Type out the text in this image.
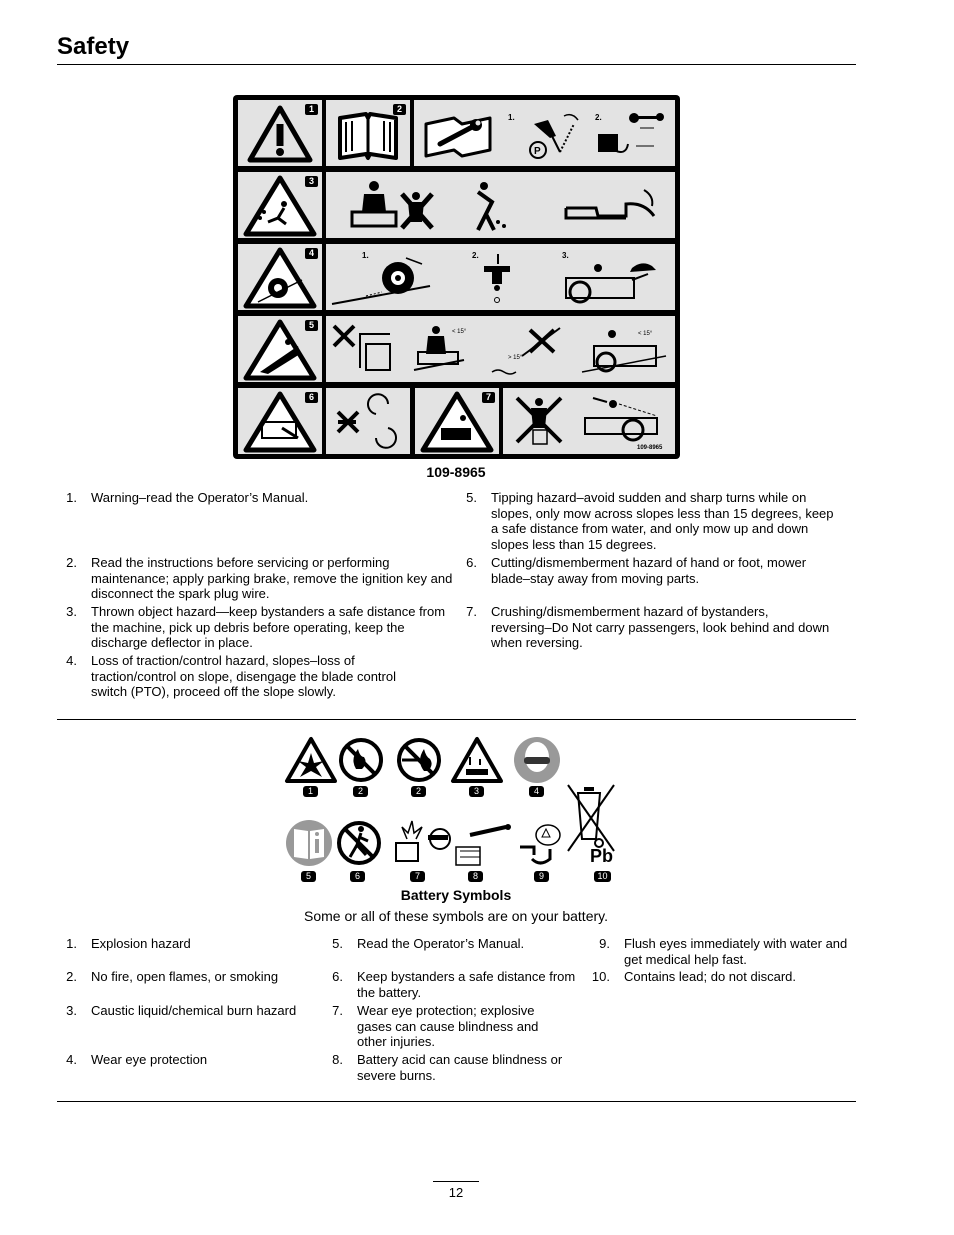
Safety
1	2
P
1.	2.
3
4	1.	2.	3.
5
< 15°
> 15°
< 15°
6	7
109-8965
109-8965
1. Warning–read the Operator’s Manual.
2. Read the instructions before servicing or performing maintenance; apply parking brake, remove the ignition key and disconnect the spark plug wire.
3. Thrown object hazard—keep bystanders a safe distance from the machine, pick up debris before operating, keep the discharge deflector in place.
4. Loss of traction/control hazard, slopes–loss of traction/control on slope, disengage the blade control switch (PTO), proceed off the slope slowly.
5. Tipping hazard–avoid sudden and sharp turns while on slopes, only mow across slopes less than 15 degrees, keep a safe distance from water, and only mow up and down slopes less than 15 degrees.
6. Cutting/dismemberment hazard of hand or foot, mower blade–stay away from moving parts.
7. Crushing/dismemberment hazard of bystanders, reversing–Do Not carry passengers, look behind and down when reversing.
Pb
1	2	2	3	4
5	6	7	8	9	10
Battery Symbols
Some or all of these symbols are on your battery.
1. Explosion hazard
2. No fire, open flames, or smoking
3. Caustic liquid/chemical burn hazard
4. Wear eye protection
5. Read the Operator’s Manual.
6. Keep bystanders a safe distance from the battery.
7. Wear eye protection; explosive gases can cause blindness and other injuries.
8. Battery acid can cause blindness or severe burns.
9. Flush eyes immediately with water and get medical help fast.
10. Contains lead; do not discard.
12
